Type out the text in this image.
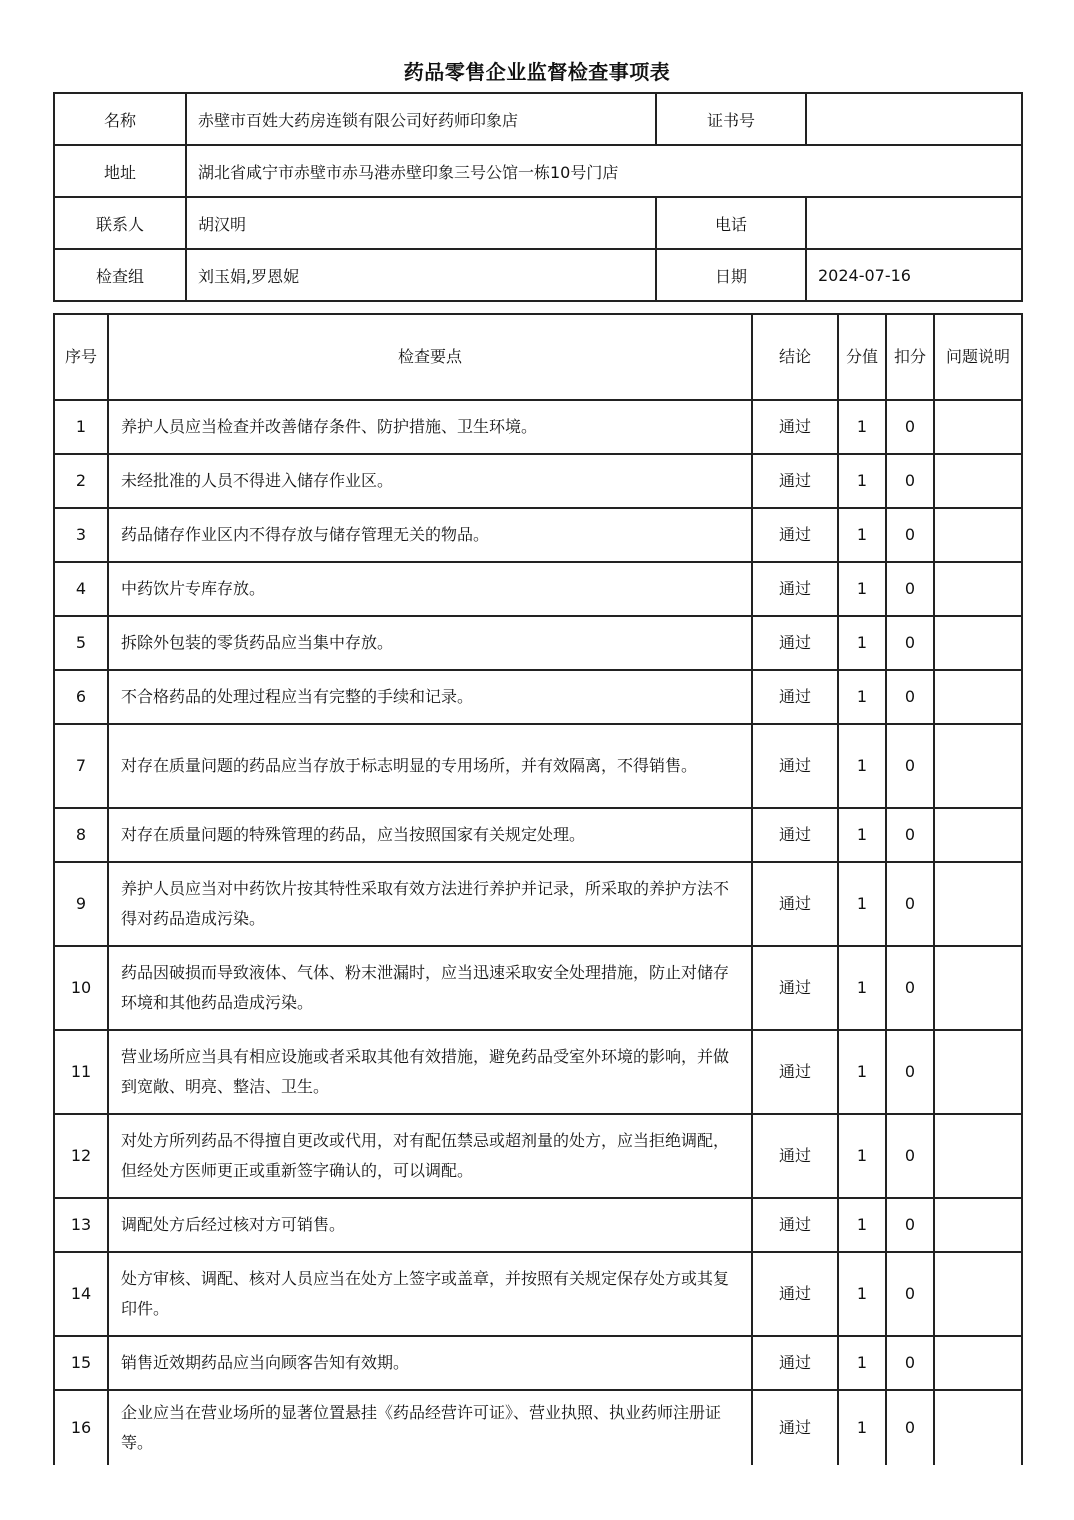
药品零售企业监督检查事项表
名称	赤壁市百姓大药房连锁有限公司好药师印象店	证书号	
地址	湖北省咸宁市赤壁市赤马港赤壁印象三号公馆一栋10号门店		
联系人	胡汉明	电话	
检查组	刘玉娟,罗恩妮	日期	2024-07-16
序号	检查要点	结论	分值	扣分	问题说明
1	养护人员应当检查并改善储存条件、防护措施、卫生环境。	通过	1	0	
2	未经批准的人员不得进入储存作业区。	通过	1	0	
3	药品储存作业区内不得存放与储存管理无关的物品。	通过	1	0	
4	中药饮片专库存放。	通过	1	0	
5	拆除外包装的零货药品应当集中存放。	通过	1	0	
6	不合格药品的处理过程应当有完整的手续和记录。	通过	1	0	
7	对存在质量问题的药品应当存放于标志明显的专用场所，并有效隔离，不得销售。	通过	1	0	
8	对存在质量问题的特殊管理的药品，应当按照国家有关规定处理。	通过	1	0	
9	养护人员应当对中药饮片按其特性采取有效方法进行养护并记录，所采取的养护方法不得对药品造成污染。	通过	1	0	
10	药品因破损而导致液体、气体、粉末泄漏时，应当迅速采取安全处理措施，防止对储存环境和其他药品造成污染。	通过	1	0	
11	营业场所应当具有相应设施或者采取其他有效措施，避免药品受室外环境的影响，并做到宽敞、明亮、整洁、卫生。	通过	1	0	
12	对处方所列药品不得擅自更改或代用，对有配伍禁忌或超剂量的处方，应当拒绝调配，但经处方医师更正或重新签字确认的，可以调配。	通过	1	0	
13	调配处方后经过核对方可销售。	通过	1	0	
14	处方审核、调配、核对人员应当在处方上签字或盖章，并按照有关规定保存处方或其复印件。	通过	1	0	
15	销售近效期药品应当向顾客告知有效期。	通过	1	0	
16	企业应当在营业场所的显著位置悬挂《药品经营许可证》、营业执照、执业药师注册证等。	通过	1	0	
